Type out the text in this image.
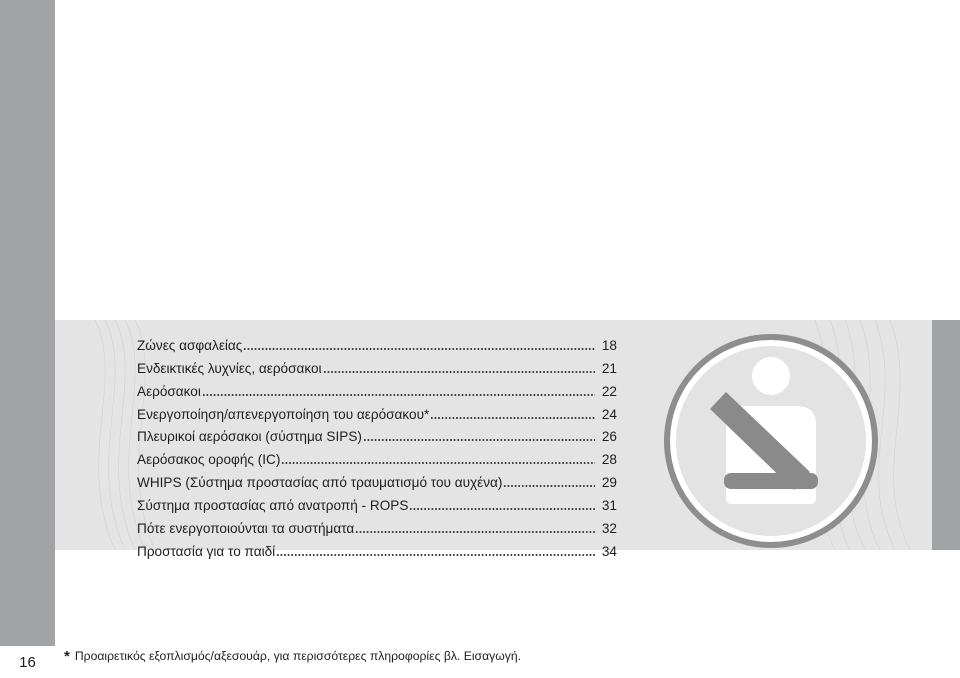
16
Ζώνες ασφαλείας	18
Ενδεικτικές λυχνίες, αερόσακοι	21
Αερόσακοι	22
Ενεργοποίηση/απενεργοποίηση του αερόσακου*	24
Πλευρικοί αερόσακοι (σύστημα SIPS)	26
Αερόσακος οροφής (IC)	28
WHIPS (Σύστημα προστασίας από τραυματισμό του αυχένα)	29
Σύστημα προστασίας από ανατροπή - ROPS	31
Πότε ενεργοποιούνται τα συστήματα	32
Προστασία για το παιδί	34
* Προαιρετικός εξοπλισμός/αξεσουάρ, για περισσότερες πληροφορίες βλ. Εισαγωγή.
